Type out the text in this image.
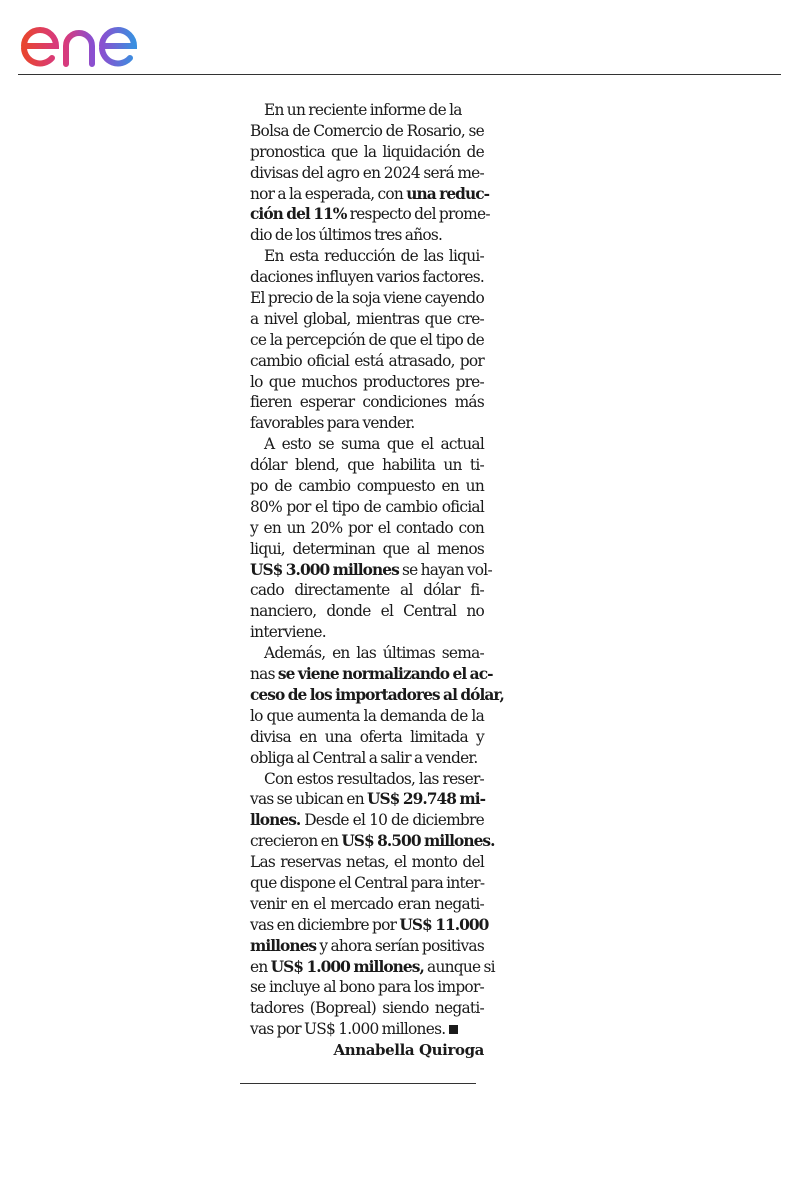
En un reciente informe de la
Bolsa de Comercio de Rosario, se
pronostica que la liquidación de
divisas del agro en 2024 será me-
nor a la esperada, con una reduc-
ción del 11% respecto del prome-
dio de los últimos tres años.
En esta reducción de las liqui-
daciones influyen varios factores.
El precio de la soja viene cayendo
a nivel global, mientras que cre-
ce la percepción de que el tipo de
cambio oficial está atrasado, por
lo que muchos productores pre-
fieren esperar condiciones más
favorables para vender.
A esto se suma que el actual
dólar blend, que habilita un ti-
po de cambio compuesto en un
80% por el tipo de cambio oficial
y en un 20% por el contado con
liqui, determinan que al menos
US$ 3.000 millones se hayan vol-
cado directamente al dólar fi-
nanciero, donde el Central no
interviene.
Además, en las últimas sema-
nas se viene normalizando el ac-
ceso de los importadores al dólar,
lo que aumenta la demanda de la
divisa en una oferta limitada y
obliga al Central a salir a vender.
Con estos resultados, las reser-
vas se ubican en US$ 29.748 mi-
llones. Desde el 10 de diciembre
crecieron en US$ 8.500 millones.
Las reservas netas, el monto del
que dispone el Central para inter-
venir en el mercado eran negati-
vas en diciembre por US$ 11.000
millones y ahora serían positivas
en US$ 1.000 millones, aunque si
se incluye al bono para los impor-
tadores (Bopreal) siendo negati-
vas por US$ 1.000 millones.
Annabella Quiroga
